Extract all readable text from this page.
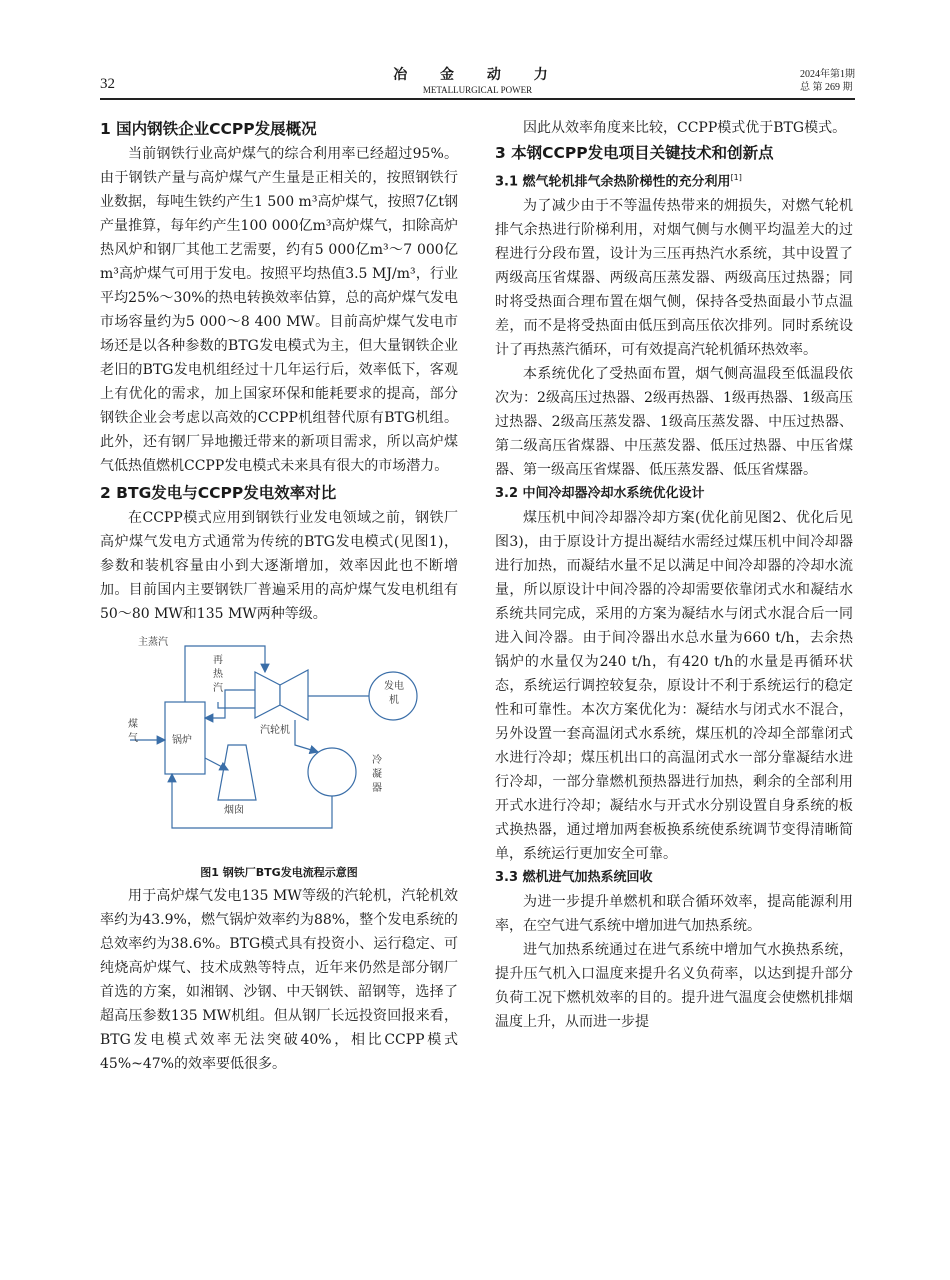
32
冶 金 动 力
METALLURGICAL POWER
2024年第1期
总 第 269 期
1 国内钢铁企业CCPP发展概况

当前钢铁行业高炉煤气的综合利用率已经超过95%。由于钢铁产量与高炉煤气产生量是正相关的，按照钢铁行业数据，每吨生铁约产生1 500 m³高炉煤气，按照7亿t钢产量推算，每年约产生100 000亿m³高炉煤气，扣除高炉热风炉和钢厂其他工艺需要，约有5 000亿m³～7 000亿m³高炉煤气可用于发电。按照平均热值3.5 MJ/m³，行业平均25%～30%的热电转换效率估算，总的高炉煤气发电市场容量约为5 000～8 400 MW。目前高炉煤气发电市场还是以各种参数的BTG发电模式为主，但大量钢铁企业老旧的BTG发电机组经过十几年运行后，效率低下，客观上有优化的需求，加上国家环保和能耗要求的提高，部分钢铁企业会考虑以高效的CCPP机组替代原有BTG机组。此外，还有钢厂异地搬迁带来的新项目需求，所以高炉煤气低热值燃机CCPP发电模式未来具有很大的市场潜力。

2 BTG发电与CCPP发电效率对比

在CCPP模式应用到钢铁行业发电领域之前，钢铁厂高炉煤气发电方式通常为传统的BTG发电模式(见图1)，参数和装机容量由小到大逐渐增加，效率因此也不断增加。目前国内主要钢铁厂普遍采用的高炉煤气发电机组有50～80 MW和135 MW两种等级。

主蒸汽
再热汽
汽轮机
发电机
煤气	锅炉
冷凝器
烟囱
图1 钢铁厂BTG发电流程示意图

用于高炉煤气发电135 MW等级的汽轮机，汽轮机效率约为43.9%，燃气锅炉效率约为88%，整个发电系统的总效率约为38.6%。BTG模式具有投资小、运行稳定、可纯烧高炉煤气、技术成熟等特点，近年来仍然是部分钢厂首选的方案，如湘钢、沙钢、中天钢铁、韶钢等，选择了超高压参数135 MW机组。但从钢厂长远投资回报来看，BTG发电模式效率无法突破40%，相比CCPP模式45%~47%的效率要低很多。

因此从效率角度来比较，CCPP模式优于BTG模式。

3 本钢CCPP发电项目关键技术和创新点
3.1 燃气轮机排气余热阶梯性的充分利用[1]

为了减少由于不等温传热带来的㶲损失，对燃气轮机排气余热进行阶梯利用，对烟气侧与水侧平均温差大的过程进行分段布置，设计为三压再热汽水系统，其中设置了两级高压省煤器、两级高压蒸发器、两级高压过热器；同时将受热面合理布置在烟气侧，保持各受热面最小节点温差，而不是将受热面由低压到高压依次排列。同时系统设计了再热蒸汽循环，可有效提高汽轮机循环热效率。

本系统优化了受热面布置，烟气侧高温段至低温段依次为：2级高压过热器、2级再热器、1级再热器、1级高压过热器、2级高压蒸发器、1级高压蒸发器、中压过热器、第二级高压省煤器、中压蒸发器、低压过热器、中压省煤器、第一级高压省煤器、低压蒸发器、低压省煤器。

3.2 中间冷却器冷却水系统优化设计

煤压机中间冷却器冷却方案(优化前见图2、优化后见图3)，由于原设计方提出凝结水需经过煤压机中间冷却器进行加热，而凝结水量不足以满足中间冷却器的冷却水流量，所以原设计中间冷器的冷却需要依靠闭式水和凝结水系统共同完成，采用的方案为凝结水与闭式水混合后一同进入间冷器。由于间冷器出水总水量为660 t/h，去余热锅炉的水量仅为240 t/h，有420 t/h的水量是再循环状态，系统运行调控较复杂，原设计不利于系统运行的稳定性和可靠性。本次方案优化为：凝结水与闭式水不混合，另外设置一套高温闭式水系统，煤压机的冷却全部靠闭式水进行冷却；煤压机出口的高温闭式水一部分靠凝结水进行冷却，一部分靠燃机预热器进行加热，剩余的全部利用开式水进行冷却；凝结水与开式水分别设置自身系统的板式换热器，通过增加两套板换系统使系统调节变得清晰简单，系统运行更加安全可靠。

3.3 燃机进气加热系统回收

为进一步提升单燃机和联合循环效率，提高能源利用率，在空气进气系统中增加进气加热系统。

进气加热系统通过在进气系统中增加气水换热系统，提升压气机入口温度来提升名义负荷率，以达到提升部分负荷工况下燃机效率的目的。提升进气温度会使燃机排烟温度上升，从而进一步提
